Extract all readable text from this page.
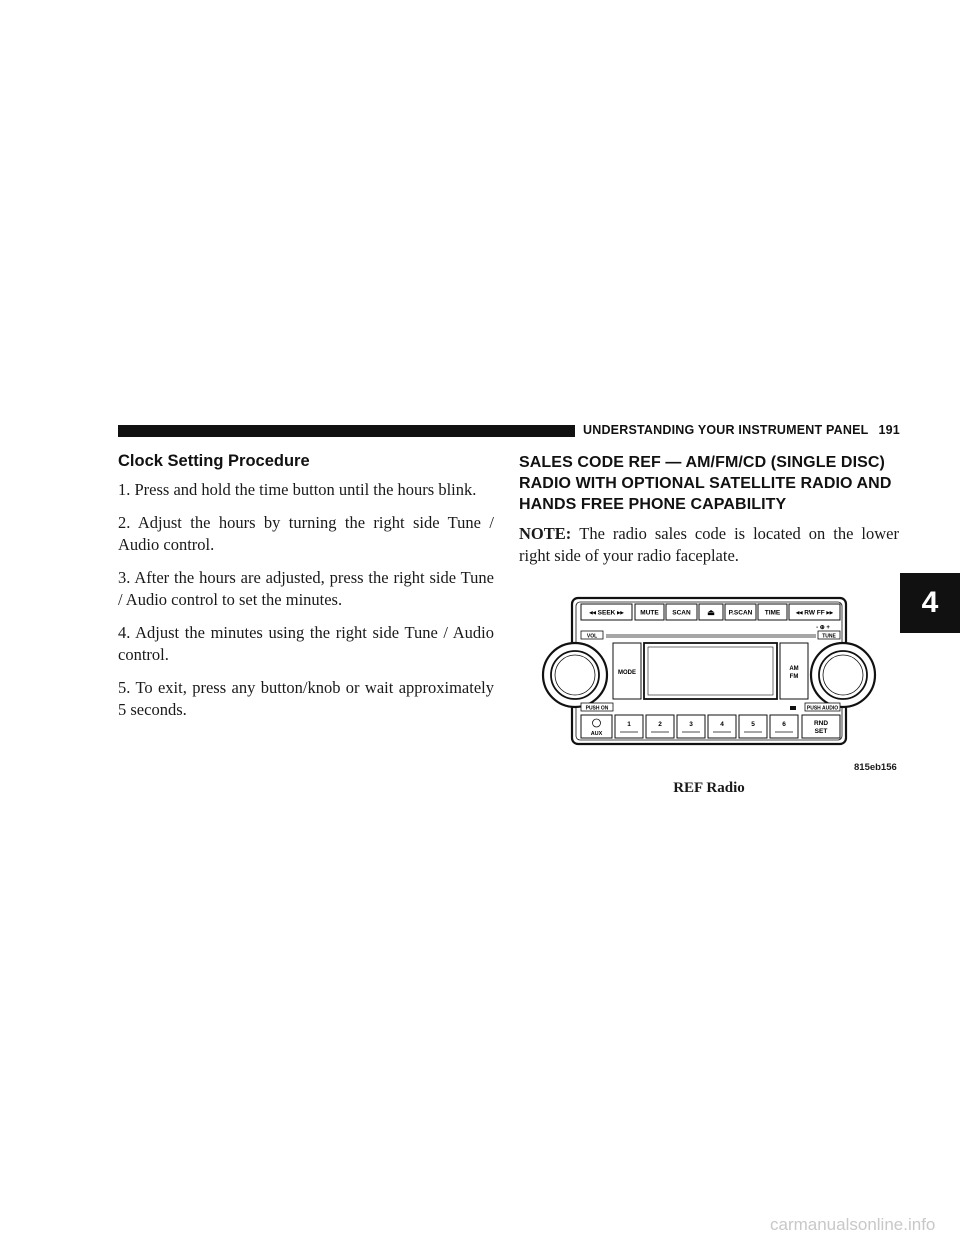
UNDERSTANDING YOUR INSTRUMENT PANEL 191
4
Clock Setting Procedure

1. Press and hold the time button until the hours blink.

2. Adjust the hours by turning the right side Tune / Audio control.

3. After the hours are adjusted, press the right side Tune / Audio control to set the minutes.

4. Adjust the minutes using the right side Tune / Audio control.

5. To exit, press any button/knob or wait approximately 5 seconds.

SALES CODE REF — AM/FM/CD (SINGLE DISC) RADIO WITH OPTIONAL SATELLITE RADIO AND HANDS FREE PHONE CAPABILITY

NOTE: The radio sales code is located on the lower right side of your radio faceplate.

◂◂ SEEK ▸▸	MUTE SCAN ⏏ P.SCAN TIME ◂◂ RW FF ▸▸
VOL
- ⊕ +
TUNE
MODE
AM
FM
PUSH ON	PUSH AUDIO
AUX
1	2	3	4	5	6	RND
SET
815eb156
REF Radio
carmanualsonline.info
